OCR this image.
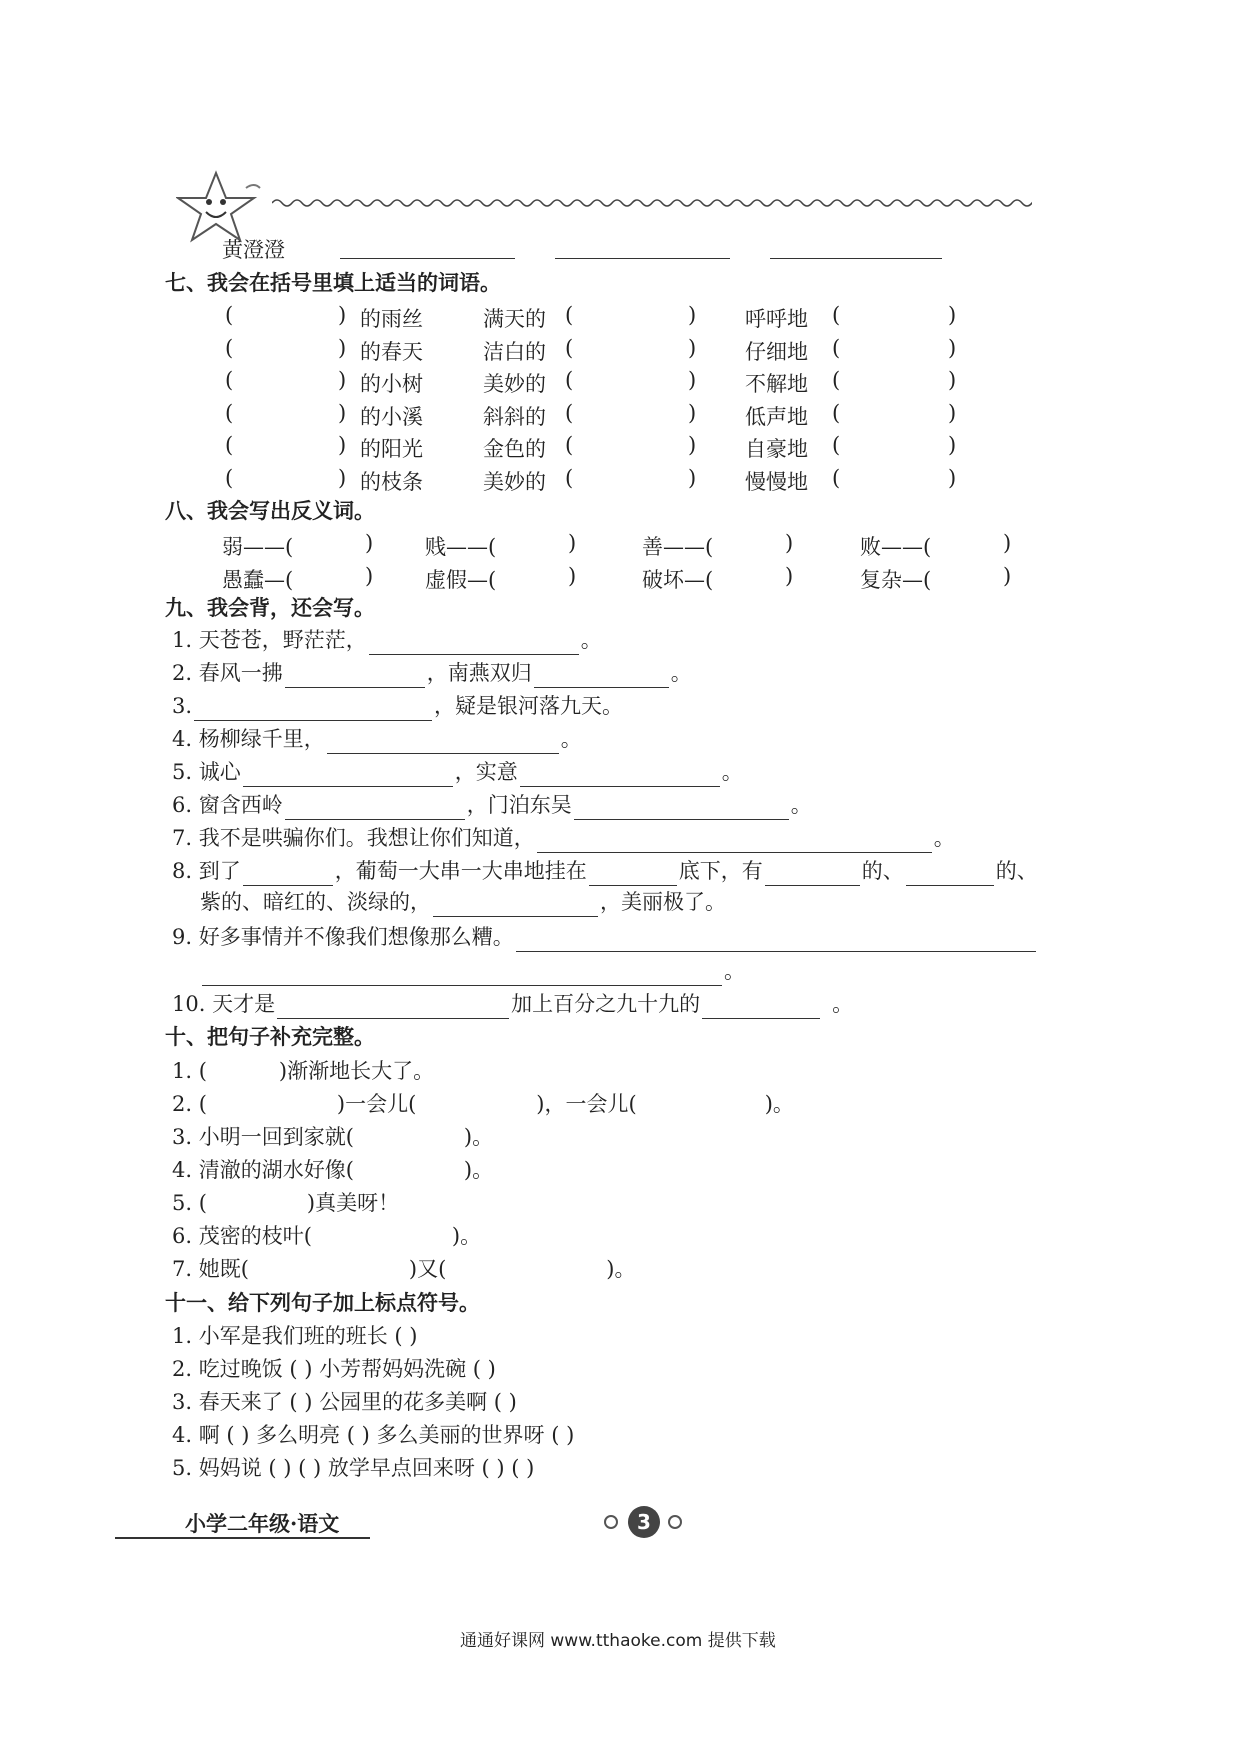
黄澄澄
七、我会在括号里填上适当的词语。
(	) 的雨丝	满天的 (	) 呼呼地 (	)
(	) 的春天	洁白的 (	) 仔细地 (	)
(	) 的小树	美妙的 (	) 不解地 (	)
(	) 的小溪	斜斜的 (	) 低声地 (	)
(	) 的阳光	金色的 (	) 自豪地 (	)
(	) 的枝条	美妙的 (	) 慢慢地 (	)
八、我会写出反义词。
弱——(	) 贱——(	)	善——(	)	败——(	)
愚蠢—(	) 虚假—(	)	破坏—(	)	复杂—(	)
九、我会背，还会写。
1. 天苍苍，野茫茫，	。
2. 春风一拂	，南燕双归	。
3.	，疑是银河落九天。
4. 杨柳绿千里，	。
5. 诚心	，实意	。
6. 窗含西岭	，门泊东吴	。
7. 我不是哄骗你们。我想让你们知道，	。
8. 到了	，葡萄一大串一大串地挂在	底下，有	的、	的、
紫的、暗红的、淡绿的，	，美丽极了。
9. 好多事情并不像我们想像那么糟。
。
10. 天才是	加上百分之九十九的	。
十、把句子补充完整。
1. (	)渐渐地长大了。
2. (	)一会儿(	)，一会儿(	)。
3. 小明一回到家就(	)。
4. 清澈的湖水好像(	)。
5. (	)真美呀！
6. 茂密的枝叶(	)。
7. 她既(	)又(	)。
十一、给下列句子加上标点符号。
1. 小军是我们班的班长 ( )
2. 吃过晚饭 ( ) 小芳帮妈妈洗碗 ( )
3. 春天来了 ( ) 公园里的花多美啊 ( )
4. 啊 ( ) 多么明亮 ( ) 多么美丽的世界呀 ( )
5. 妈妈说 ( ) ( ) 放学早点回来呀 ( ) ( )
小学二年级·语文	3
通通好课网 www.tthaoke.com 提供下载
